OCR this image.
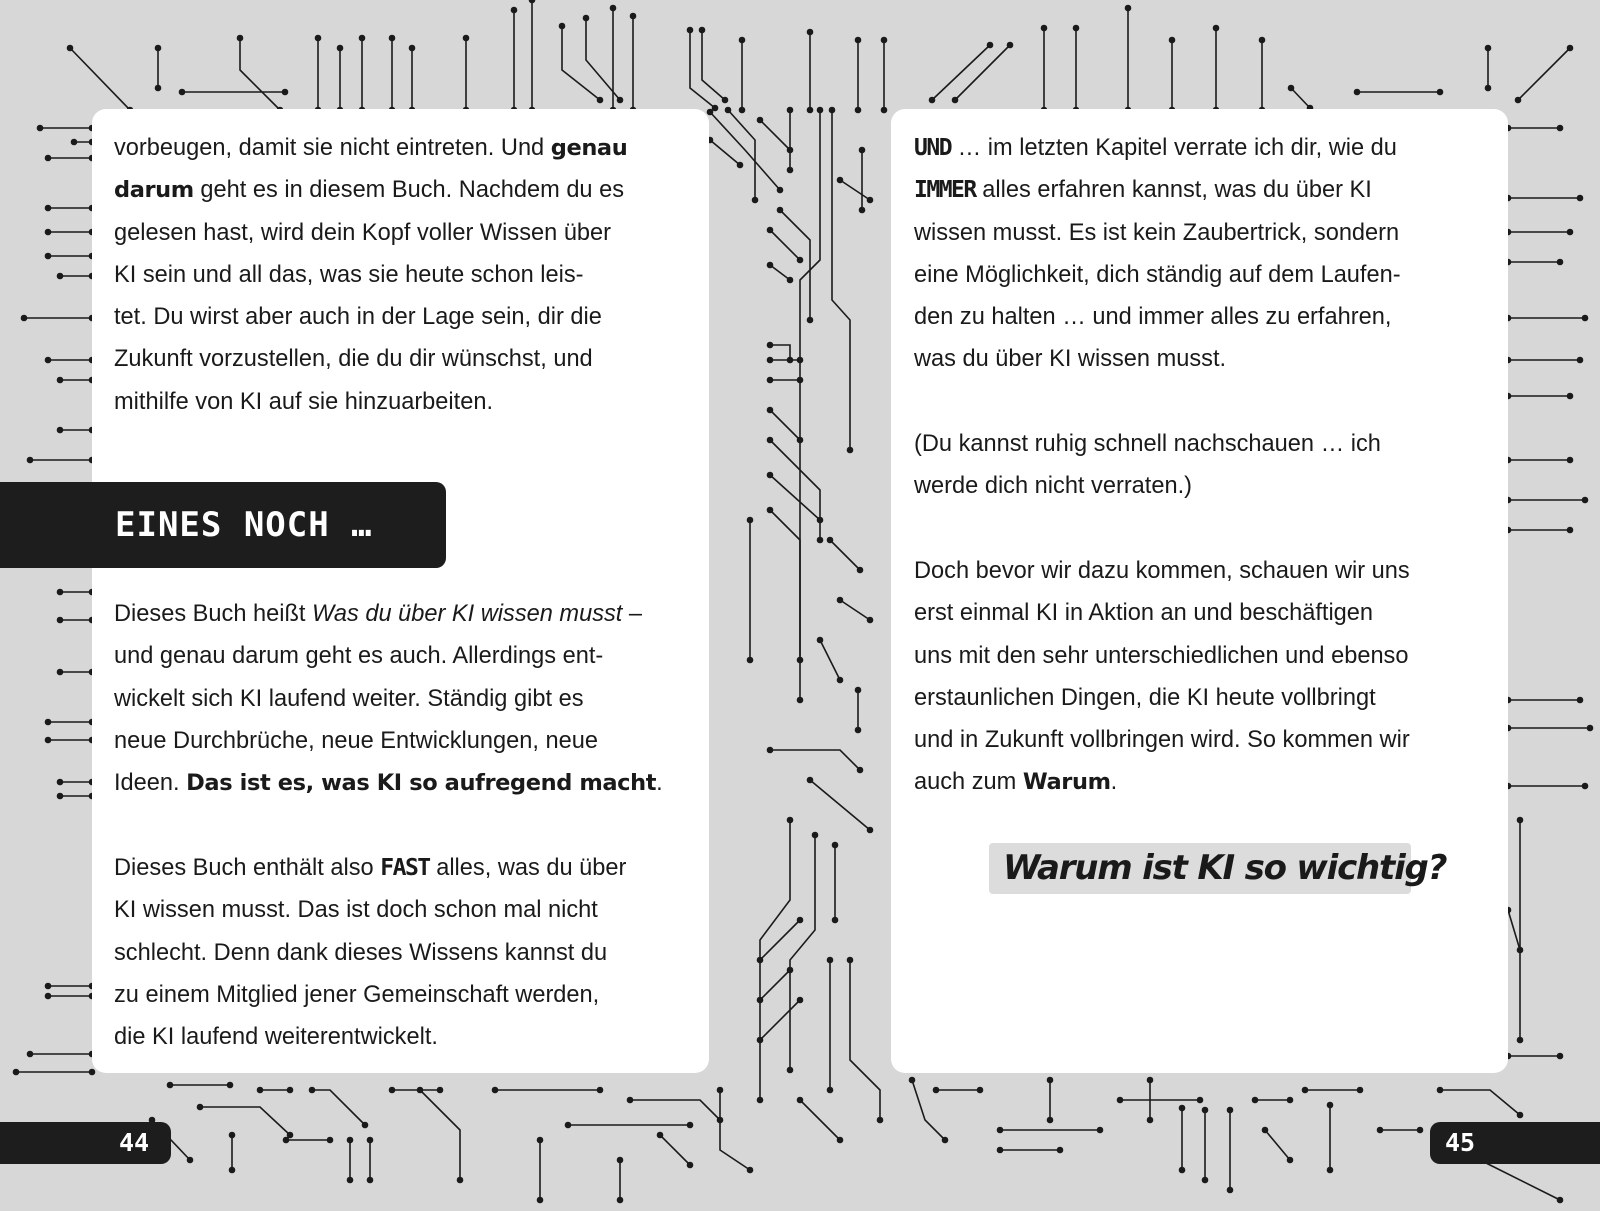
vorbeugen, damit sie nicht eintreten. Und genau

darum geht es in diesem Buch. Nachdem du es

gelesen hast, wird dein Kopf voller Wissen über

KI sein und all das, was sie heute schon leis-

tet. Du wirst aber auch in der Lage sein, dir die

Zukunft vorzustellen, die du dir wünschst, und

mithilfe von KI auf sie hinzuarbeiten.

EINES NOCH …

Dieses Buch heißt Was du über KI wissen musst –

und genau darum geht es auch. Allerdings ent-

wickelt sich KI laufend weiter. Ständig gibt es

neue Durchbrüche, neue Entwicklungen, neue

Ideen. Das ist es, was KI so aufregend macht.

Dieses Buch enthält also FAST alles, was du über

KI wissen musst. Das ist doch schon mal nicht

schlecht. Denn dank dieses Wissens kannst du

zu einem Mitglied jener Gemeinschaft werden,

die KI laufend weiterentwickelt.

UND … im letzten Kapitel verrate ich dir, wie du

IMMER alles erfahren kannst, was du über KI

wissen musst. Es ist kein Zaubertrick, sondern

eine Möglichkeit, dich ständig auf dem Laufen-

den zu halten … und immer alles zu erfahren,

was du über KI wissen musst.

(Du kannst ruhig schnell nachschauen … ich

werde dich nicht verraten.)

Doch bevor wir dazu kommen, schauen wir uns

erst einmal KI in Aktion an und beschäftigen

uns mit den sehr unterschiedlichen und ebenso

erstaunlichen Dingen, die KI heute vollbringt

und in Zukunft vollbringen wird. So kommen wir

auch zum Warum.

Warum ist KI so wichtig?
44	45
